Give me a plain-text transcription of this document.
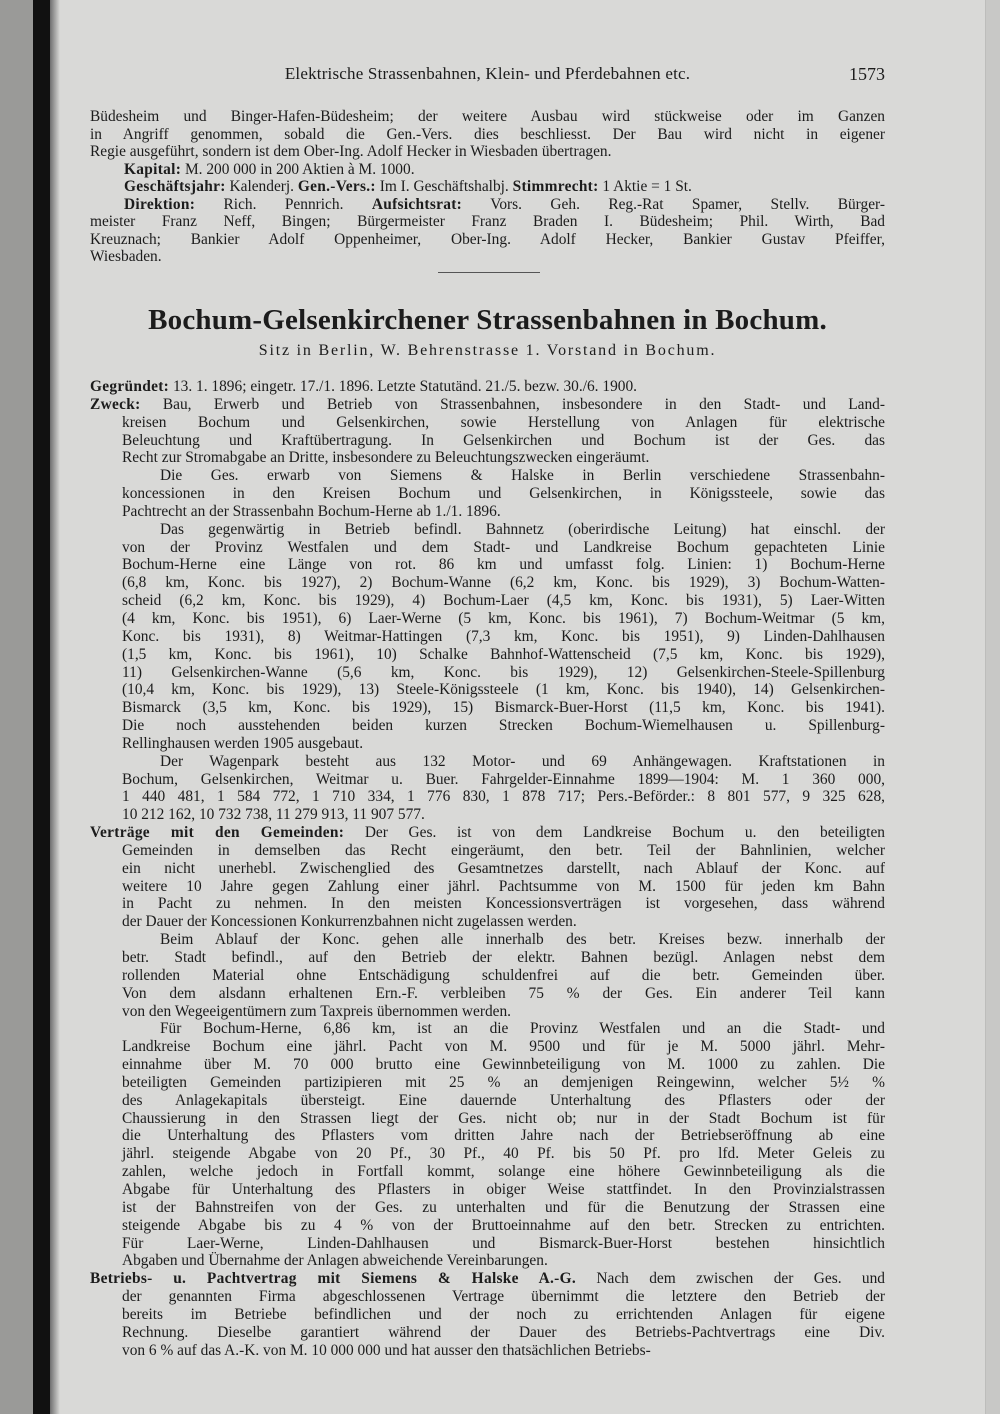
Elektrische Strassenbahnen, Klein- und Pferdebahnen etc.	1573
Büdesheim und Binger-Hafen-Büdesheim; der weitere Ausbau wird stückweise oder im Ganzen
in Angriff genommen, sobald die Gen.-Vers. dies beschliesst. Der Bau wird nicht in eigener
Regie ausgeführt, sondern ist dem Ober-Ing. Adolf Hecker in Wiesbaden übertragen.
Kapital: M. 200 000 in 200 Aktien à M. 1000.
Geschäftsjahr: Kalenderj. Gen.-Vers.: Im I. Geschäftshalbj. Stimmrecht: 1 Aktie = 1 St.
Direktion: Rich. Pennrich. Aufsichtsrat: Vors. Geh. Reg.-Rat Spamer, Stellv. Bürger-
meister Franz Neff, Bingen; Bürgermeister Franz Braden I. Büdesheim; Phil. Wirth, Bad
Kreuznach; Bankier Adolf Oppenheimer, Ober-Ing. Adolf Hecker, Bankier Gustav Pfeiffer,
Wiesbaden.
Bochum-Gelsenkirchener Strassenbahnen in Bochum.
Sitz in Berlin, W. Behrenstrasse 1. Vorstand in Bochum.
Gegründet: 13. 1. 1896; eingetr. 17./1. 1896. Letzte Statutänd. 21./5. bezw. 30./6. 1900.
Zweck: Bau, Erwerb und Betrieb von Strassenbahnen, insbesondere in den Stadt- und Land-
kreisen Bochum und Gelsenkirchen, sowie Herstellung von Anlagen für elektrische
Beleuchtung und Kraftübertragung. In Gelsenkirchen und Bochum ist der Ges. das
Recht zur Stromabgabe an Dritte, insbesondere zu Beleuchtungszwecken eingeräumt.
Die Ges. erwarb von Siemens & Halske in Berlin verschiedene Strassenbahn-
koncessionen in den Kreisen Bochum und Gelsenkirchen, in Königssteele, sowie das
Pachtrecht an der Strassenbahn Bochum-Herne ab 1./1. 1896.
Das gegenwärtig in Betrieb befindl. Bahnnetz (oberirdische Leitung) hat einschl. der
von der Provinz Westfalen und dem Stadt- und Landkreise Bochum gepachteten Linie
Bochum-Herne eine Länge von rot. 86 km und umfasst folg. Linien: 1) Bochum-Herne
(6,8 km, Konc. bis 1927), 2) Bochum-Wanne (6,2 km, Konc. bis 1929), 3) Bochum-Watten-
scheid (6,2 km, Konc. bis 1929), 4) Bochum-Laer (4,5 km, Konc. bis 1931), 5) Laer-Witten
(4 km, Konc. bis 1951), 6) Laer-Werne (5 km, Konc. bis 1961), 7) Bochum-Weitmar (5 km,
Konc. bis 1931), 8) Weitmar-Hattingen (7,3 km, Konc. bis 1951), 9) Linden-Dahlhausen
(1,5 km, Konc. bis 1961), 10) Schalke Bahnhof-Wattenscheid (7,5 km, Konc. bis 1929),
11) Gelsenkirchen-Wanne (5,6 km, Konc. bis 1929), 12) Gelsenkirchen-Steele-Spillenburg
(10,4 km, Konc. bis 1929), 13) Steele-Königssteele (1 km, Konc. bis 1940), 14) Gelsenkirchen-
Bismarck (3,5 km, Konc. bis 1929), 15) Bismarck-Buer-Horst (11,5 km, Konc. bis 1941).
Die noch ausstehenden beiden kurzen Strecken Bochum-Wiemelhausen u. Spillenburg-
Rellinghausen werden 1905 ausgebaut.
Der Wagenpark besteht aus 132 Motor- und 69 Anhängewagen. Kraftstationen in
Bochum, Gelsenkirchen, Weitmar u. Buer. Fahrgelder-Einnahme 1899—1904: M. 1 360 000,
1 440 481, 1 584 772, 1 710 334, 1 776 830, 1 878 717; Pers.-Beförder.: 8 801 577, 9 325 628,
10 212 162, 10 732 738, 11 279 913, 11 907 577.
Verträge mit den Gemeinden: Der Ges. ist von dem Landkreise Bochum u. den beteiligten
Gemeinden in demselben das Recht eingeräumt, den betr. Teil der Bahnlinien, welcher
ein nicht unerhebl. Zwischenglied des Gesamtnetzes darstellt, nach Ablauf der Konc. auf
weitere 10 Jahre gegen Zahlung einer jährl. Pachtsumme von M. 1500 für jeden km Bahn
in Pacht zu nehmen. In den meisten Koncessionsverträgen ist vorgesehen, dass während
der Dauer der Koncessionen Konkurrenzbahnen nicht zugelassen werden.
Beim Ablauf der Konc. gehen alle innerhalb des betr. Kreises bezw. innerhalb der
betr. Stadt befindl., auf den Betrieb der elektr. Bahnen bezügl. Anlagen nebst dem
rollenden Material ohne Entschädigung schuldenfrei auf die betr. Gemeinden über.
Von dem alsdann erhaltenen Ern.-F. verbleiben 75 % der Ges. Ein anderer Teil kann
von den Wegeeigentümern zum Taxpreis übernommen werden.
Für Bochum-Herne, 6,86 km, ist an die Provinz Westfalen und an die Stadt- und
Landkreise Bochum eine jährl. Pacht von M. 9500 und für je M. 5000 jährl. Mehr-
einnahme über M. 70 000 brutto eine Gewinnbeteiligung von M. 1000 zu zahlen. Die
beteiligten Gemeinden partizipieren mit 25 % an demjenigen Reingewinn, welcher 5½ %
des Anlagekapitals übersteigt. Eine dauernde Unterhaltung des Pflasters oder der
Chaussierung in den Strassen liegt der Ges. nicht ob; nur in der Stadt Bochum ist für
die Unterhaltung des Pflasters vom dritten Jahre nach der Betriebseröffnung ab eine
jährl. steigende Abgabe von 20 Pf., 30 Pf., 40 Pf. bis 50 Pf. pro lfd. Meter Geleis zu
zahlen, welche jedoch in Fortfall kommt, solange eine höhere Gewinnbeteiligung als die
Abgabe für Unterhaltung des Pflasters in obiger Weise stattfindet. In den Provinzialstrassen
ist der Bahnstreifen von der Ges. zu unterhalten und für die Benutzung der Strassen eine
steigende Abgabe bis zu 4 % von der Bruttoeinnahme auf den betr. Strecken zu entrichten.
Für Laer-Werne, Linden-Dahlhausen und Bismarck-Buer-Horst bestehen hinsichtlich
Abgaben und Übernahme der Anlagen abweichende Vereinbarungen.
Betriebs- u. Pachtvertrag mit Siemens & Halske A.-G. Nach dem zwischen der Ges. und
der genannten Firma abgeschlossenen Vertrage übernimmt die letztere den Betrieb der
bereits im Betriebe befindlichen und der noch zu errichtenden Anlagen für eigene
Rechnung. Dieselbe garantiert während der Dauer des Betriebs-Pachtvertrags eine Div.
von 6 % auf das A.-K. von M. 10 000 000 und hat ausser den thatsächlichen Betriebs-
